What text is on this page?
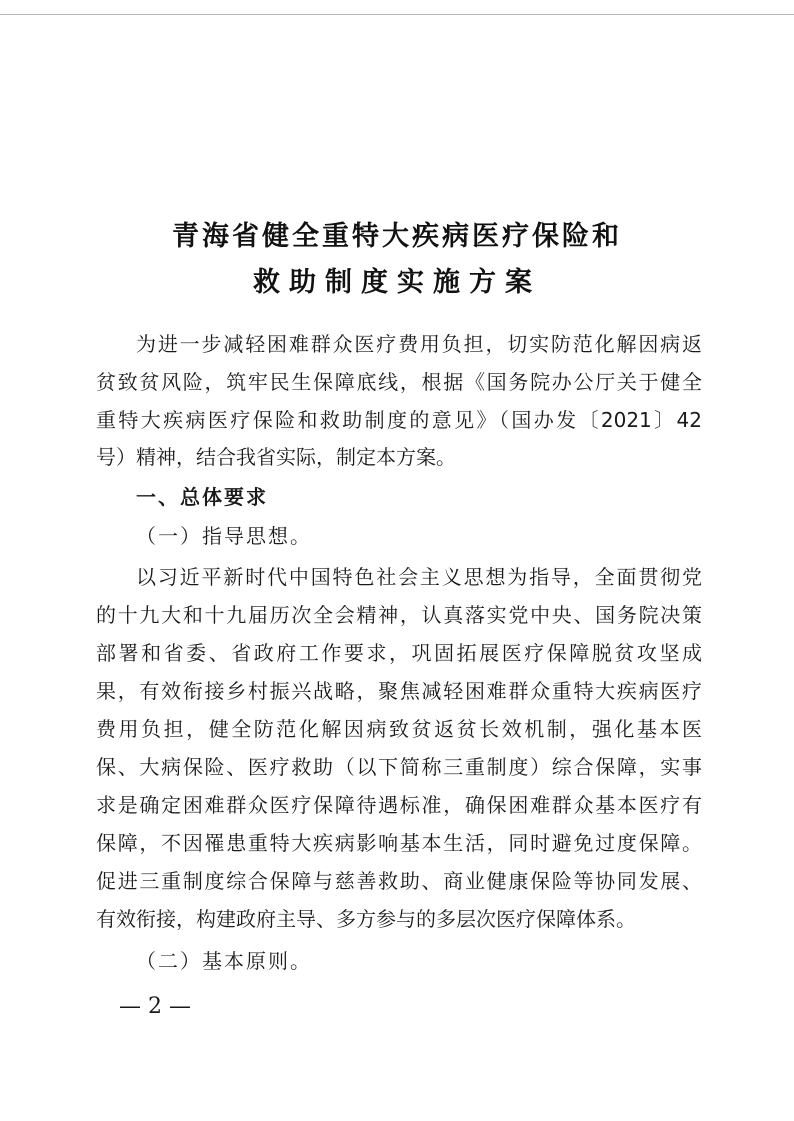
青海省健全重特大疾病医疗保险和
救助制度实施方案
为进一步减轻困难群众医疗费用负担，切实防范化解因病返
贫致贫风险，筑牢民生保障底线，根据《国务院办公厅关于健全
重特大疾病医疗保险和救助制度的意见》（国办发〔2021〕42
号）精神，结合我省实际，制定本方案。
一、总体要求
（一）指导思想。
以习近平新时代中国特色社会主义思想为指导，全面贯彻党
的十九大和十九届历次全会精神，认真落实党中央、国务院决策
部署和省委、省政府工作要求，巩固拓展医疗保障脱贫攻坚成
果，有效衔接乡村振兴战略，聚焦减轻困难群众重特大疾病医疗
费用负担，健全防范化解因病致贫返贫长效机制，强化基本医
保、大病保险、医疗救助（以下简称三重制度）综合保障，实事
求是确定困难群众医疗保障待遇标准，确保困难群众基本医疗有
保障，不因罹患重特大疾病影响基本生活，同时避免过度保障。
促进三重制度综合保障与慈善救助、商业健康保险等协同发展、
有效衔接，构建政府主导、多方参与的多层次医疗保障体系。
（二）基本原则。
— 2 —
